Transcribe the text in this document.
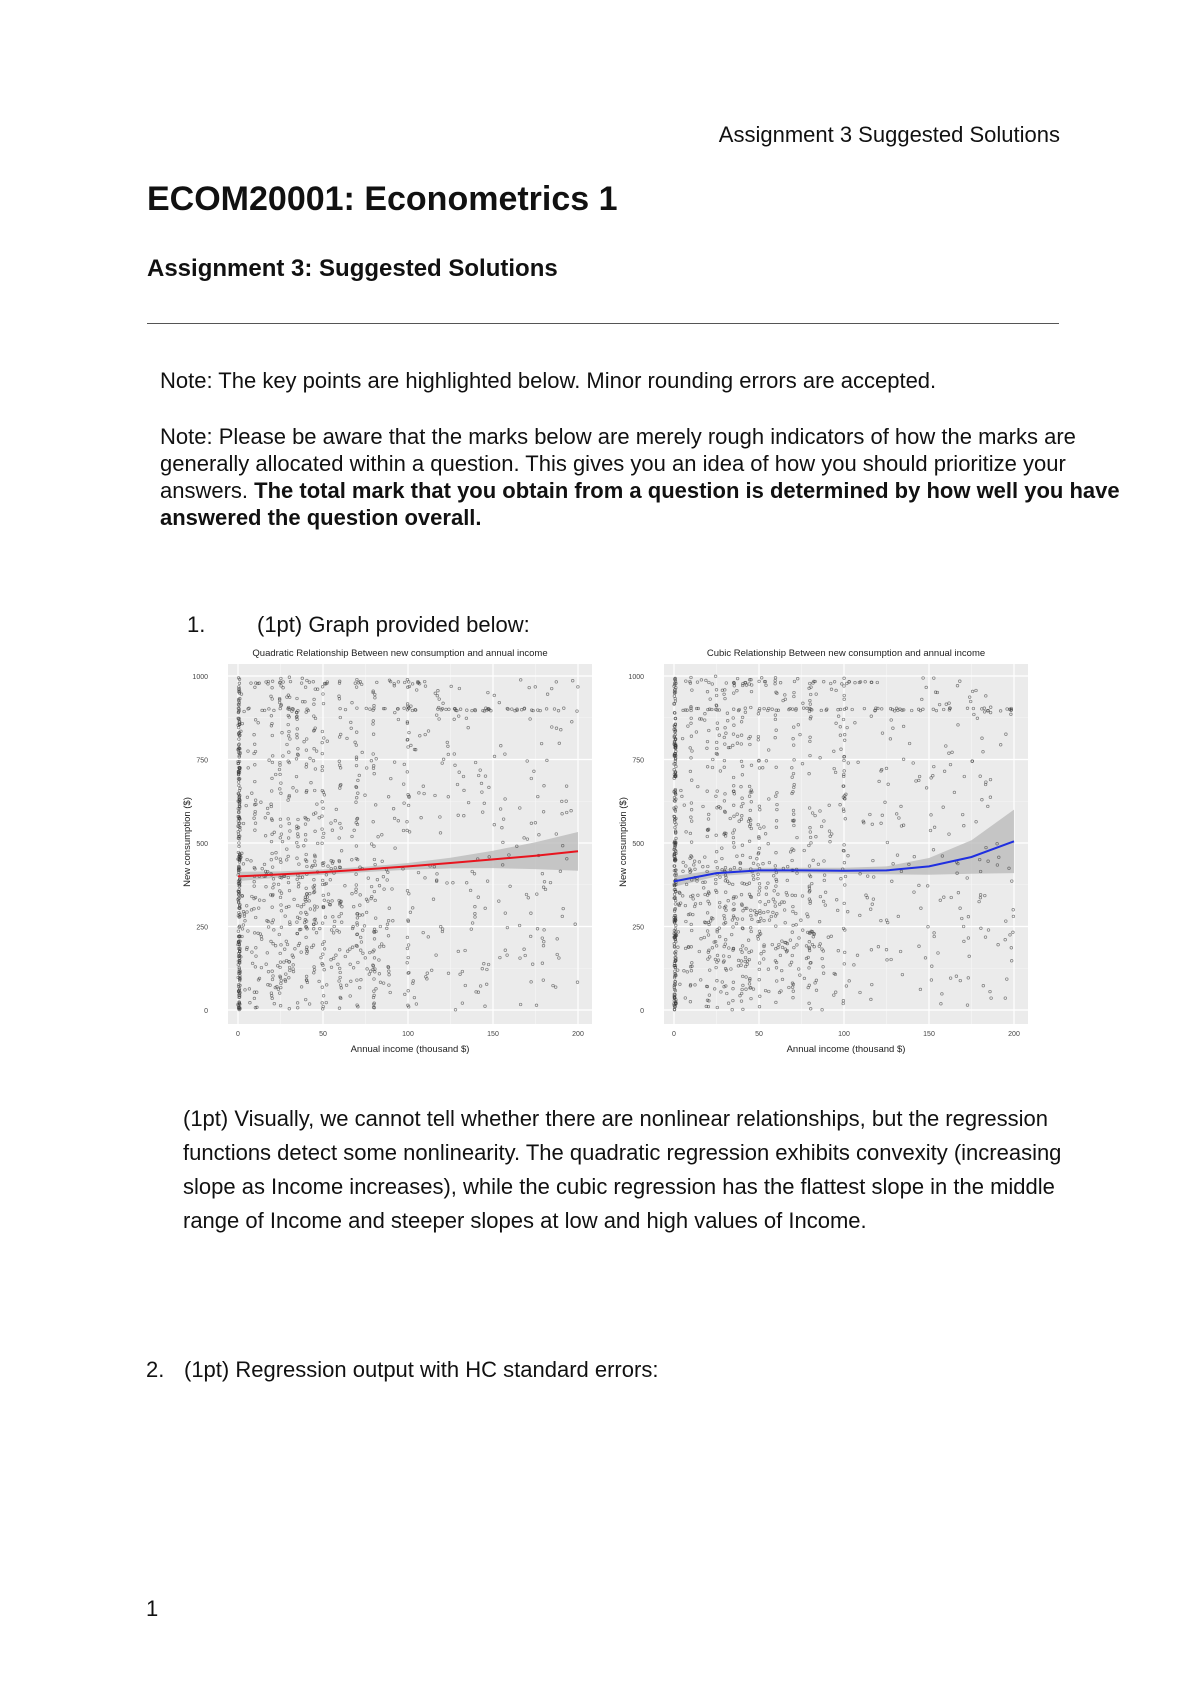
Assignment 3 Suggested Solutions
ECOM20001: Econometrics 1
Assignment 3: Suggested Solutions

Note: The key points are highlighted below. Minor rounding errors are accepted.

Note: Please be aware that the marks below are merely rough indicators of how the marks are generally allocated within a question. This gives you an idea of how you should prioritize your answers. The total mark that you obtain from a question is determined by how well you have answered the question overall.

1. (1pt) Graph provided below:
Quadratic Relationship Between new consumption and annual income
0
250
500
750
1000
0	50	100	150	200
Annual income (thousand $)
New consumption ($)
Cubic Relationship Between new consumption and annual income
0
250
500
750
1000
0	50	100	150	200
Annual income (thousand $)
New consumption ($)

(1pt) Visually, we cannot tell whether there are nonlinear relationships, but the regression functions detect some nonlinearity. The quadratic regression exhibits convexity (increasing slope as Income increases), while the cubic regression has the flattest slope in the middle range of Income and steeper slopes at low and high values of Income.

2. (1pt) Regression output with HC standard errors:
1
